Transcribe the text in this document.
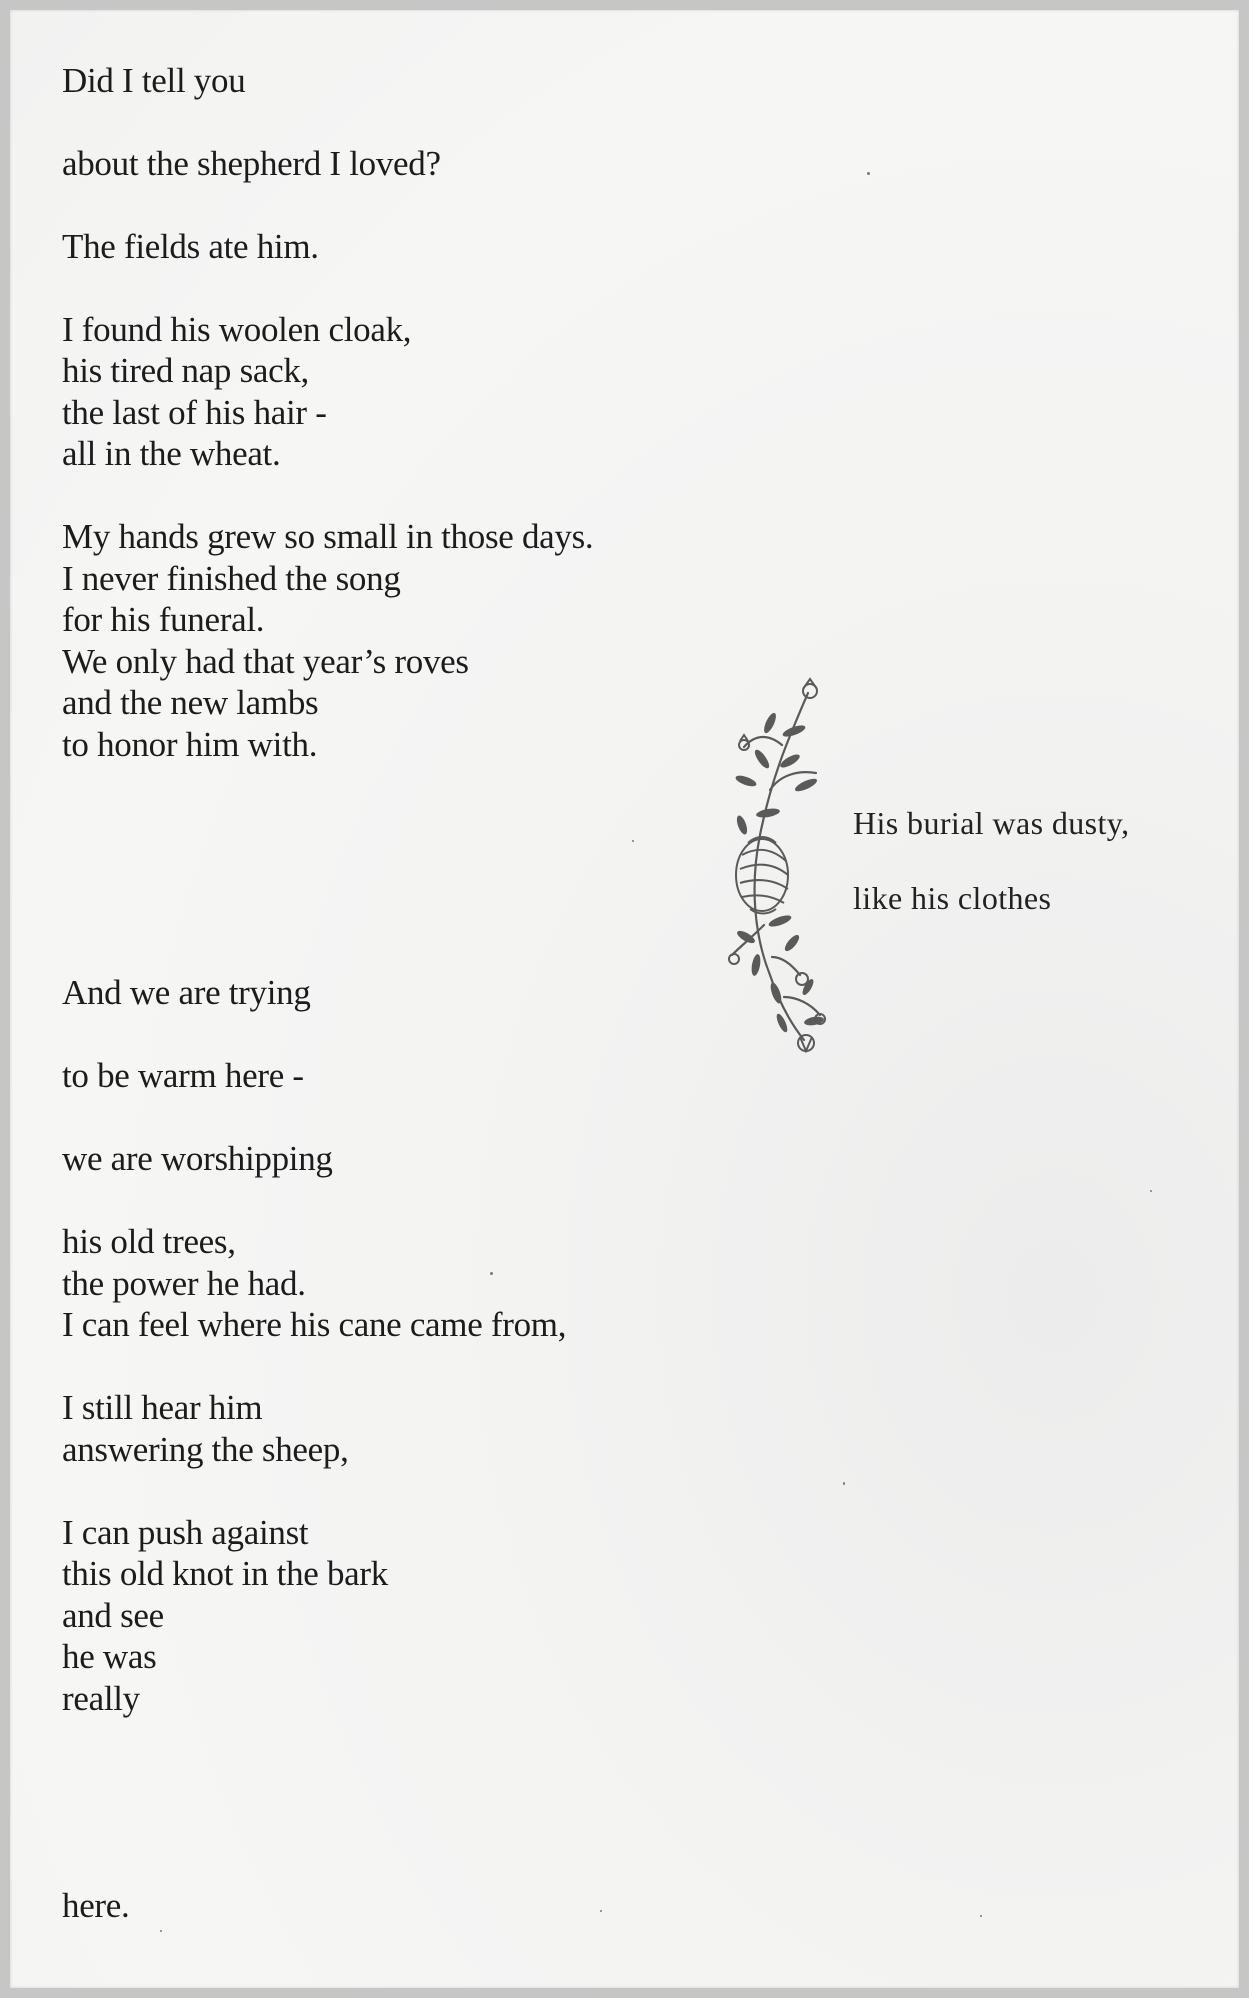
Did I tell you
about the shepherd I loved?
The fields ate him.
I found his woolen cloak,
his tired nap sack,
the last of his hair -
all in the wheat.
My hands grew so small in those days.
I never finished the song
for his funeral.
We only had that year’s roves
and the new lambs
to honor him with.
And we are trying
to be warm here -
we are worshipping
his old trees,
the power he had.
I can feel where his cane came from,
I still hear him
answering the sheep,
I can push against
this old knot in the bark
and see
he was
really
here.
His burial was dusty,
like his clothes
